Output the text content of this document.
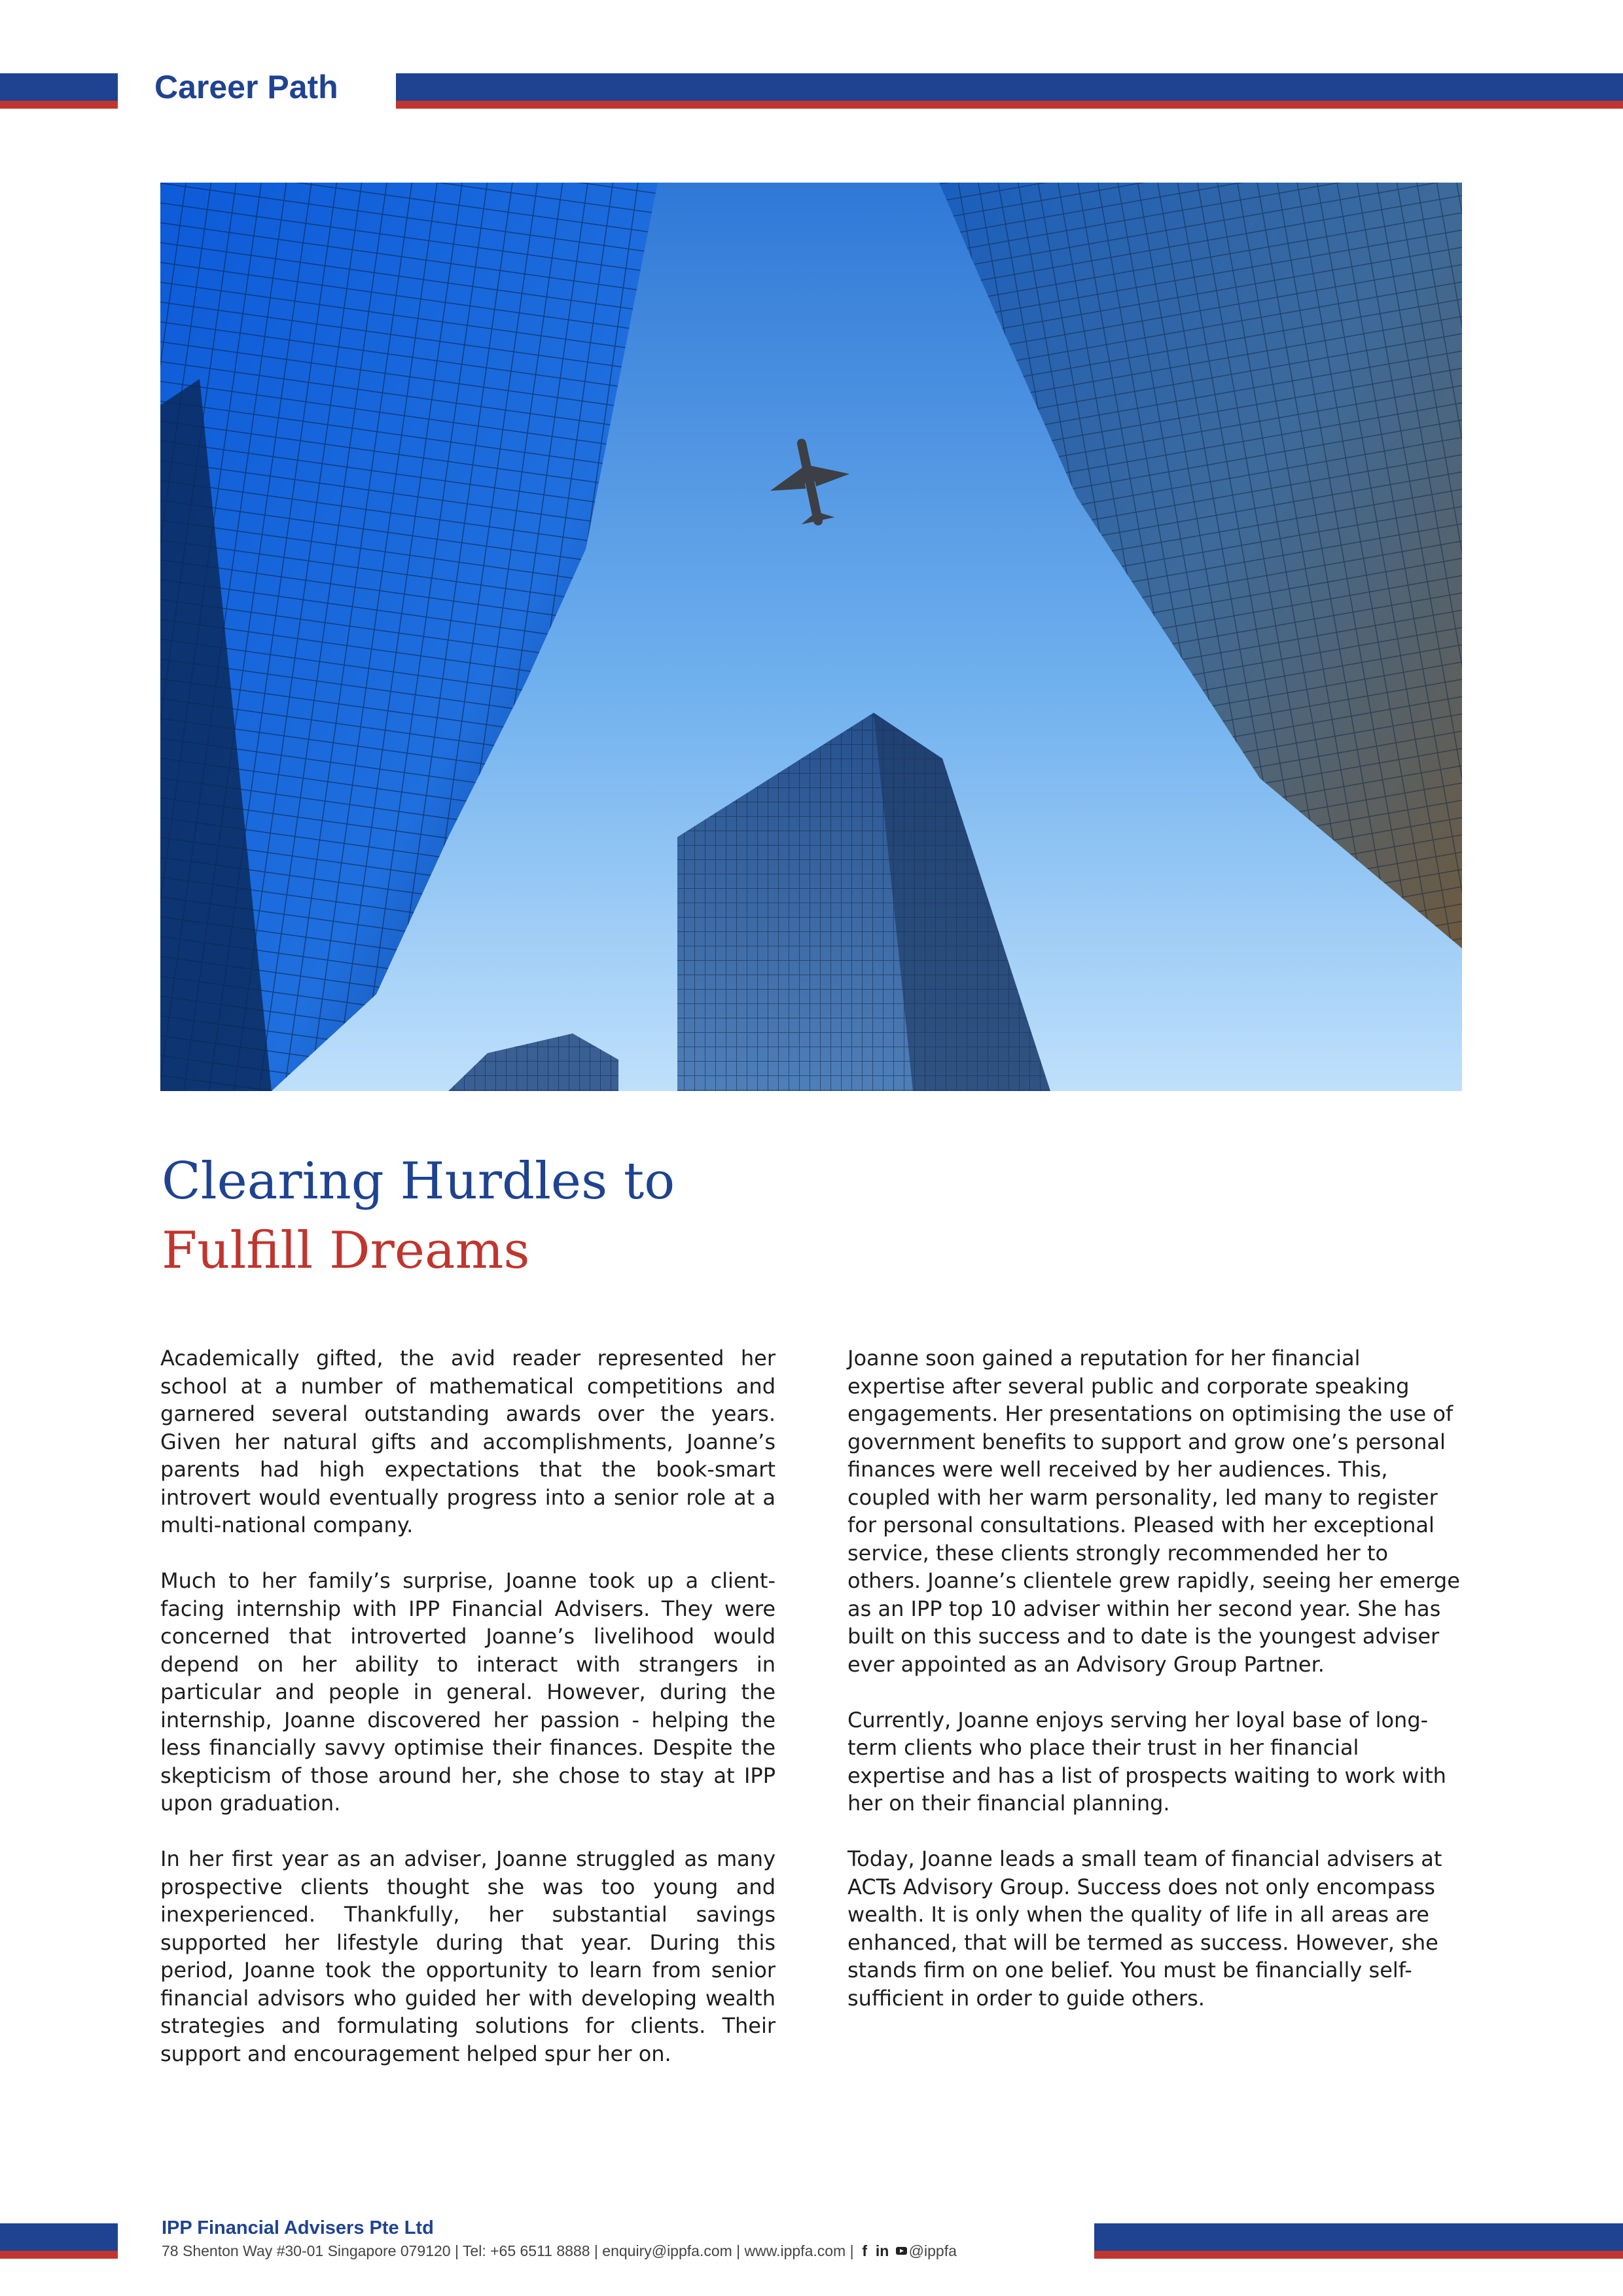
Career Path
Clearing Hurdles to
Fulfill Dreams

Academically gifted, the avid reader represented her school at a number of mathematical competitions and garnered several outstanding awards over the years. Given her natural gifts and accomplishments, Joanne’s parents had high expectations that the book-smart introvert would eventually progress into a senior role at a multi-national company.

Much to her family’s surprise, Joanne took up a client-facing internship with IPP Financial Advisers. They were concerned that introverted Joanne’s livelihood would depend on her ability to interact with strangers in particular and people in general. However, during the internship, Joanne discovered her passion - helping the less financially savvy optimise their finances. Despite the skepticism of those around her, she chose to stay at IPP upon graduation.

In her first year as an adviser, Joanne struggled as many prospective clients thought she was too young and inexperienced. Thankfully, her substantial savings supported her lifestyle during that year. During this period, Joanne took the opportunity to learn from senior financial advisors who guided her with developing wealth strategies and formulating solutions for clients. Their support and encouragement helped spur her on.

Joanne soon gained a reputation for her financial expertise after several public and corporate speaking engagements. Her presentations on optimising the use of government benefits to support and grow one’s personal finances were well received by her audiences. This, coupled with her warm personality, led many to register for personal consultations. Pleased with her exceptional service, these clients strongly recommended her to others. Joanne’s clientele grew rapidly, seeing her emerge as an IPP top 10 adviser within her second year. She has built on this success and to date is the youngest adviser ever appointed as an Advisory Group Partner.

Currently, Joanne enjoys serving her loyal base of long-term clients who place their trust in her financial expertise and has a list of prospects waiting to work with her on their financial planning.

Today, Joanne leads a small team of financial advisers at ACTs Advisory Group. Success does not only encompass wealth. It is only when the quality of life in all areas are enhanced, that will be termed as success. However, she stands firm on one belief. You must be financially self-sufficient in order to guide others.

IPP Financial Advisers Pte Ltd
78 Shenton Way #30-01 Singapore 079120 | Tel: +65 6511 8888 | enquiry@ippfa.com | www.ippfa.com | f in @ippfa
